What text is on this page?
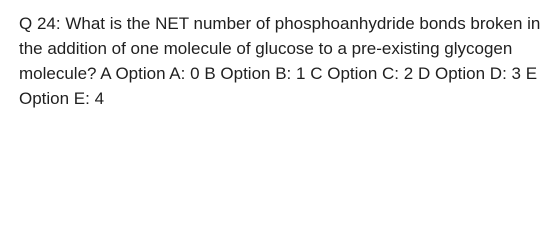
Q 24: What is the NET number of phosphoanhydride bonds broken in the addition of one molecule of glucose to a pre-existing glycogen molecule? A Option A: 0 B Option B: 1 C Option C: 2 D Option D: 3 E Option E: 4
